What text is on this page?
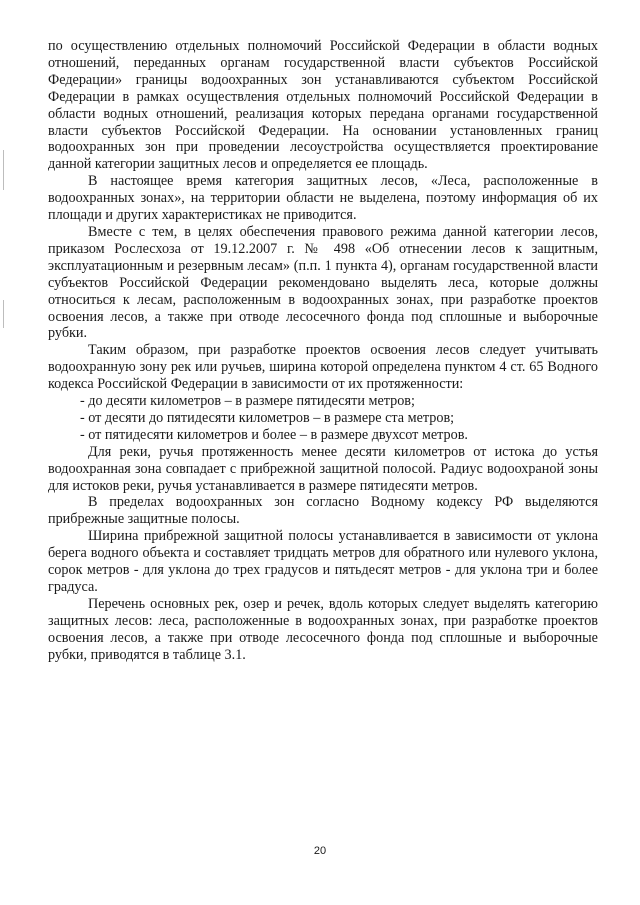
по осуществлению отдельных полномочий Российской Федерации в области водных отношений, переданных органам государственной власти субъектов Российской Федерации» границы водоохранных зон устанавливаются субъектом Российской Федерации в рамках осуществления отдельных полномочий Российской Федерации в области водных отношений, реализация которых передана органами государственной власти субъектов Российской Федерации. На основании установленных границ водоохранных зон при проведении лесоустройства осуществляется проектирование данной категории защитных лесов и определяется ее площадь.

В настоящее время категория защитных лесов, «Леса, расположенные в водоохранных зонах», на территории области не выделена, поэтому информация об их площади и других характеристиках не приводится.

Вместе с тем, в целях обеспечения правового режима данной категории лесов, приказом Рослесхоза от 19.12.2007 г. № 498 «Об отнесении лесов к защитным, эксплуатационным и резервным лесам» (п.п. 1 пункта 4), органам государственной власти субъектов Российской Федерации рекомендовано выделять леса, которые должны относиться к лесам, расположенным в водоохранных зонах, при разработке проектов освоения лесов, а также при отводе лесосечного фонда под сплошные и выборочные рубки.

Таким образом, при разработке проектов освоения лесов следует учитывать водоохранную зону рек или ручьев, ширина которой определена пунктом 4 ст. 65 Водного кодекса Российской Федерации в зависимости от их протяженности:

- до десяти километров – в размере пятидесяти метров;

- от десяти до пятидесяти километров – в размере ста метров;

- от пятидесяти километров и более – в размере двухсот метров.

Для реки, ручья протяженность менее десяти километров от истока до устья водоохранная зона совпадает с прибрежной защитной полосой. Радиус водоохраной зоны для истоков реки, ручья устанавливается в размере пятидесяти метров.

В пределах водоохранных зон согласно Водному кодексу РФ выделяются прибрежные защитные полосы.

Ширина прибрежной защитной полосы устанавливается в зависимости от уклона берега водного объекта и составляет тридцать метров для обратного или нулевого уклона, сорок метров - для уклона до трех градусов и пятьдесят метров - для уклона три и более градуса.

Перечень основных рек, озер и речек, вдоль которых следует выделять категорию защитных лесов: леса, расположенные в водоохранных зонах, при разработке проектов освоения лесов, а также при отводе лесосечного фонда под сплошные и выборочные рубки, приводятся в таблице 3.1.

20
